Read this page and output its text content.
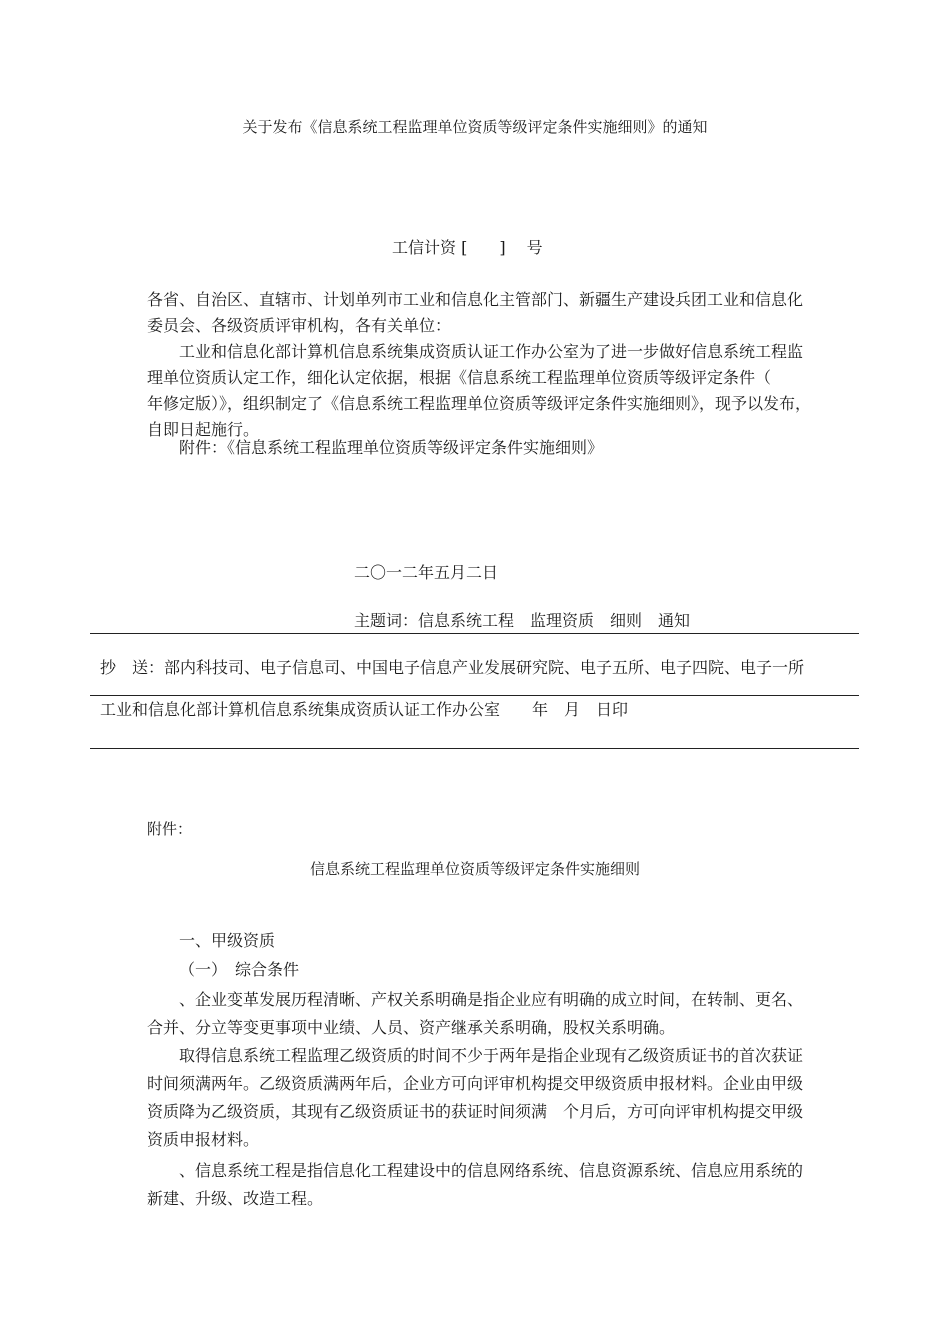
关于发布《信息系统工程监理单位资质等级评定条件实施细则》的通知
工信计资 [　　] 　号
各省、自治区、直辖市、计划单列市工业和信息化主管部门、新疆生产建设兵团工业和信息化委员会、各级资质评审机构，各有关单位：
工业和信息化部计算机信息系统集成资质认证工作办公室为了进一步做好信息系统工程监理单位资质认定工作，细化认定依据，根据《信息系统工程监理单位资质等级评定条件（　　年修定版）》，组织制定了《信息系统工程监理单位资质等级评定条件实施细则》，现予以发布，自即日起施行。
附件：《信息系统工程监理单位资质等级评定条件实施细则》
二〇一二年五月二日
主题词：信息系统工程　监理资质　细则　通知
抄　送：部内科技司、电子信息司、中国电子信息产业发展研究院、电子五所、电子四院、电子一所
工业和信息化部计算机信息系统集成资质认证工作办公室　　年　月　日印
附件：
信息系统工程监理单位资质等级评定条件实施细则
一、甲级资质
（一）　综合条件
、企业变革发展历程清晰、产权关系明确是指企业应有明确的成立时间，在转制、更名、合并、分立等变更事项中业绩、人员、资产继承关系明确，股权关系明确。
取得信息系统工程监理乙级资质的时间不少于两年是指企业现有乙级资质证书的首次获证时间须满两年。乙级资质满两年后，企业方可向评审机构提交甲级资质申报材料。企业由甲级资质降为乙级资质，其现有乙级资质证书的获证时间须满　个月后，方可向评审机构提交甲级资质申报材料。
、信息系统工程是指信息化工程建设中的信息网络系统、信息资源系统、信息应用系统的新建、升级、改造工程。
